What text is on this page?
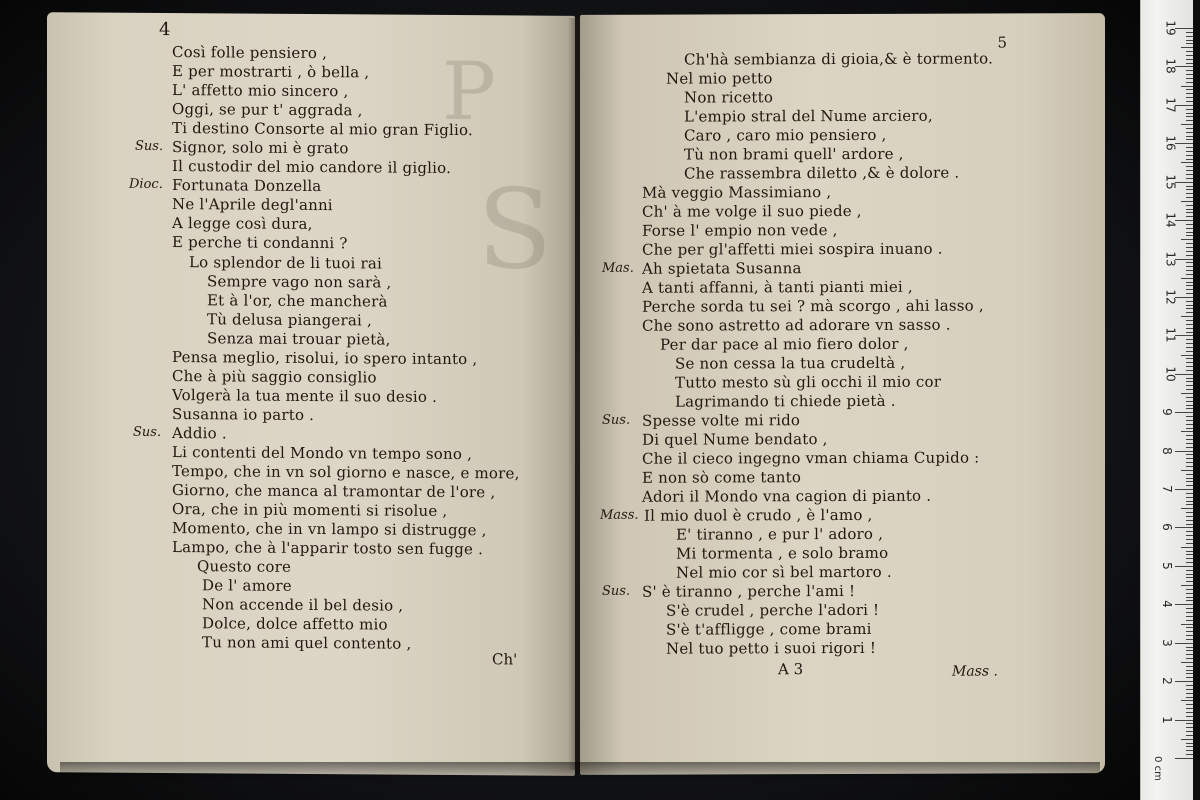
P
S
4
Così folle pensiero ,
E per mostrarti , ò bella ,
L' affetto mio sincero ,
Oggi, se pur t' aggrada ,
Ti destino Consorte al mio gran Figlio.
Sus. Signor, solo mi è grato
Il custodir del mio candore il giglio.
Dioc. Fortunata Donzella
Ne l'Aprile degl'anni
A legge così dura,
E perche ti condanni ?
Lo splendor de li tuoi rai
Sempre vago non sarà ,
Et à l'or, che mancherà
Tù delusa piangerai ,
Senza mai trouar pietà,
Pensa meglio, risolui, io spero intanto ,
Che à più saggio consiglio
Volgerà la tua mente il suo desio .
Susanna io parto .
Sus. Addio .
Li contenti del Mondo vn tempo sono ,
Tempo, che in vn sol giorno e nasce, e more,
Giorno, che manca al tramontar de l'ore ,
Ora, che in più momenti si risolue ,
Momento, che in vn lampo si distrugge ,
Lampo, che à l'apparir tosto sen fugge .
Questo core
De l' amore
Non accende il bel desio ,
Dolce, dolce affetto mio
Tu non ami quel contento ,
Ch'
5
Ch'hà sembianza di gioia,& è tormento.
Nel mio petto
Non ricetto
L'empio stral del Nume arciero,
Caro , caro mio pensiero ,
Tù non brami quell' ardore ,
Che rassembra diletto ,& è dolore .
Mà veggio Massimiano ,
Ch' à me volge il suo piede ,
Forse l' empio non vede ,
Che per gl'affetti miei sospira inuano .
Mas. Ah spietata Susanna
A tanti affanni, à tanti pianti miei ,
Perche sorda tu sei ? mà scorgo , ahi lasso ,
Che sono astretto ad adorare vn sasso .
Per dar pace al mio fiero dolor ,
Se non cessa la tua crudeltà ,
Tutto mesto sù gli occhi il mio cor
Lagrimando ti chiede pietà .
Sus. Spesse volte mi rido
Di quel Nume bendato ,
Che il cieco ingegno vman chiama Cupido :
E non sò come tanto
Adori il Mondo vna cagion di pianto .
Mass. Il mio duol è crudo , è l'amo ,
E' tiranno , e pur l' adoro ,
Mi tormenta , e solo bramo
Nel mio cor sì bel martoro .
Sus. S' è tiranno , perche l'ami !
S'è crudel , perche l'adori !
S'è t'affligge , come brami
Nel tuo petto i suoi rigori !
A 3	Mass .
1
2
3
4
5
6
7
8
9
10
11
12
13
14
15
16
17
18
19
0 cm
